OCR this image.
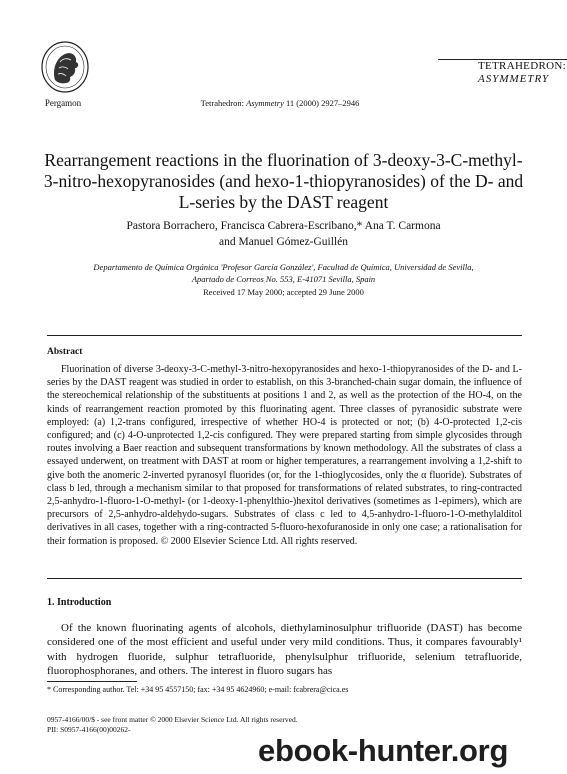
Pergamon	Tetrahedron: Asymmetry 11 (2000) 2927–2946
TETRAHEDRON:
ASYMMETRY
Rearrangement reactions in the fluorination of 3-deoxy-3-C-methyl-3-nitro-hexopyranosides (and hexo-1-thiopyranosides) of the D- and L-series by the DAST reagent
Pastora Borrachero, Francisca Cabrera-Escribano,* Ana T. Carmona
and Manuel Gómez-Guillén
Departamento de Química Orgánica 'Profesor García González', Facultad de Química, Universidad de Sevilla,
Apartado de Correos No. 553, E-41071 Sevilla, Spain
Received 17 May 2000; accepted 29 June 2000
Abstract
Fluorination of diverse 3-deoxy-3-C-methyl-3-nitro-hexopyranosides and hexo-1-thiopyranosides of the D- and L-series by the DAST reagent was studied in order to establish, on this 3-branched-chain sugar domain, the influence of the stereochemical relationship of the substituents at positions 1 and 2, as well as the protection of the HO-4, on the kinds of rearrangement reaction promoted by this fluorinating agent. Three classes of pyranosidic substrate were employed: (a) 1,2-trans configured, irrespective of whether HO-4 is protected or not; (b) 4-O-protected 1,2-cis configured; and (c) 4-O-unprotected 1,2-cis configured. They were prepared starting from simple glycosides through routes involving a Baer reaction and subsequent transformations by known methodology. All the substrates of class a essayed underwent, on treatment with DAST at room or higher temperatures, a rearrangement involving a 1,2-shift to give both the anomeric 2-inverted pyranosyl fluorides (or, for the 1-thioglycosides, only the α fluoride). Substrates of class b led, through a mechanism similar to that proposed for transformations of related substrates, to ring-contracted 2,5-anhydro-1-fluoro-1-O-methyl- (or 1-deoxy-1-phenylthio-)hexitol derivatives (sometimes as 1-epimers), which are precursors of 2,5-anhydro-aldehydo-sugars. Substrates of class c led to 4,5-anhydro-1-fluoro-1-O-methylalditol derivatives in all cases, together with a ring-contracted 5-fluoro-hexofuranoside in only one case; a rationalisation for their formation is proposed. © 2000 Elsevier Science Ltd. All rights reserved.
1. Introduction
Of the known fluorinating agents of alcohols, diethylaminosulphur trifluoride (DAST) has become considered one of the most efficient and useful under very mild conditions. Thus, it compares favourably¹ with hydrogen fluoride, sulphur tetrafluoride, phenylsulphur trifluoride, selenium tetrafluoride, fluorophosphoranes, and others. The interest in fluoro sugars has
* Corresponding author. Tel: +34 95 4557150; fax: +34 95 4624960; e-mail: fcabrera@cica.es
0957-4166/00/$ - see front matter © 2000 Elsevier Science Ltd. All rights reserved.
PII: S0957-4166(00)00262-
ebook-hunter.org
